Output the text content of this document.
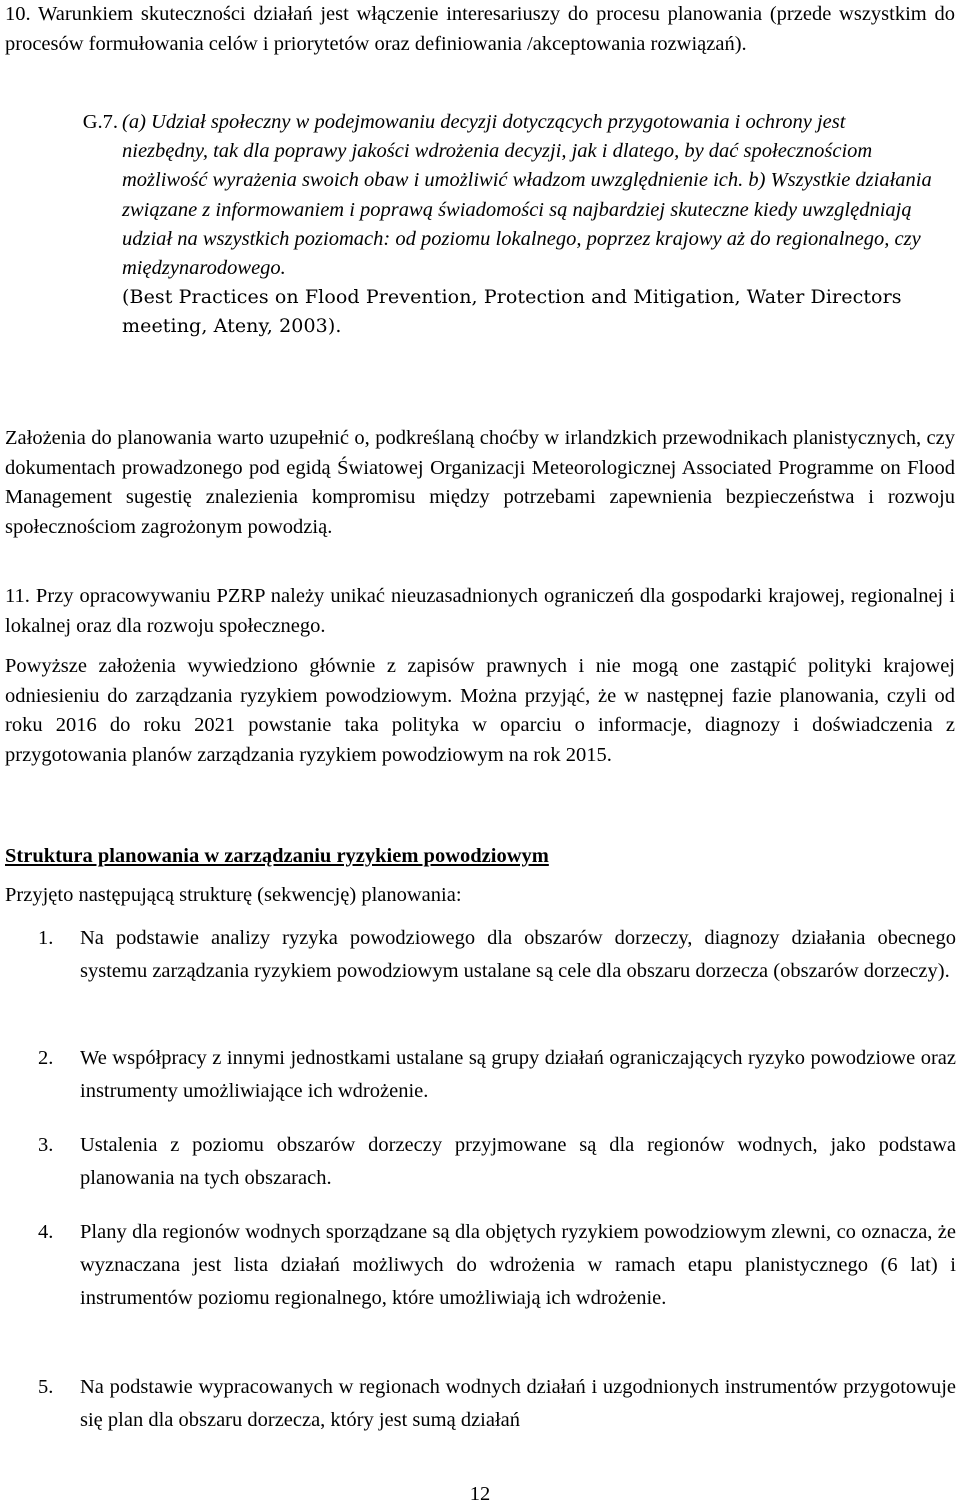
10. Warunkiem skuteczności działań jest włączenie interesariuszy do procesu planowania (przede wszystkim do procesów formułowania celów i priorytetów oraz definiowania /akceptowania rozwiązań).

G.7. (a) Udział społeczny w podejmowaniu decyzji dotyczących przygotowania i ochrony jest niezbędny, tak dla poprawy jakości wdrożenia decyzji, jak i dlatego, by dać społecznościom możliwość wyrażenia swoich obaw i umożliwić władzom uwzględnienie ich. b) Wszystkie działania związane z informowaniem i poprawą świadomości są najbardziej skuteczne kiedy uwzględniają udział na wszystkich poziomach: od poziomu lokalnego, poprzez krajowy aż do regionalnego, czy międzynarodowego.
(Best Practices on Flood Prevention, Protection and Mitigation, Water Directors meeting, Ateny, 2003).

Założenia do planowania warto uzupełnić o, podkreślaną choćby w irlandzkich przewodnikach planistycznych, czy dokumentach prowadzonego pod egidą Światowej Organizacji Meteorologicznej Associated Programme on Flood Management sugestię znalezienia kompromisu między potrzebami zapewnienia bezpieczeństwa i rozwoju społecznościom zagrożonym powodzią.

11. Przy opracowywaniu PZRP należy unikać nieuzasadnionych ograniczeń dla gospodarki krajowej, regionalnej i lokalnej oraz dla rozwoju społecznego.

Powyższe założenia wywiedziono głównie z zapisów prawnych i nie mogą one zastąpić polityki krajowej odniesieniu do zarządzania ryzykiem powodziowym. Można przyjąć, że w następnej fazie planowania, czyli od roku 2016 do roku 2021 powstanie taka polityka w oparciu o informacje, diagnozy i doświadczenia z przygotowania planów zarządzania ryzykiem powodziowym na rok 2015.

Struktura planowania w zarządzaniu ryzykiem powodziowym

Przyjęto następującą strukturę (sekwencję) planowania:

1.	Na podstawie analizy ryzyka powodziowego dla obszarów dorzeczy, diagnozy działania obecnego systemu zarządzania ryzykiem powodziowym ustalane są cele dla obszaru dorzecza (obszarów dorzeczy).

2.	We współpracy z innymi jednostkami ustalane są grupy działań ograniczających ryzyko powodziowe oraz instrumenty umożliwiające ich wdrożenie.

3.	Ustalenia z poziomu obszarów dorzeczy przyjmowane są dla regionów wodnych, jako podstawa planowania na tych obszarach.

4.	Plany dla regionów wodnych sporządzane są dla objętych ryzykiem powodziowym zlewni, co oznacza, że wyznaczana jest lista działań możliwych do wdrożenia w ramach etapu planistycznego (6 lat) i instrumentów poziomu regionalnego, które umożliwiają ich wdrożenie.

5.	Na podstawie wypracowanych w regionach wodnych działań i uzgodnionych instrumentów przygotowuje się plan dla obszaru dorzecza, który jest sumą działań

12
